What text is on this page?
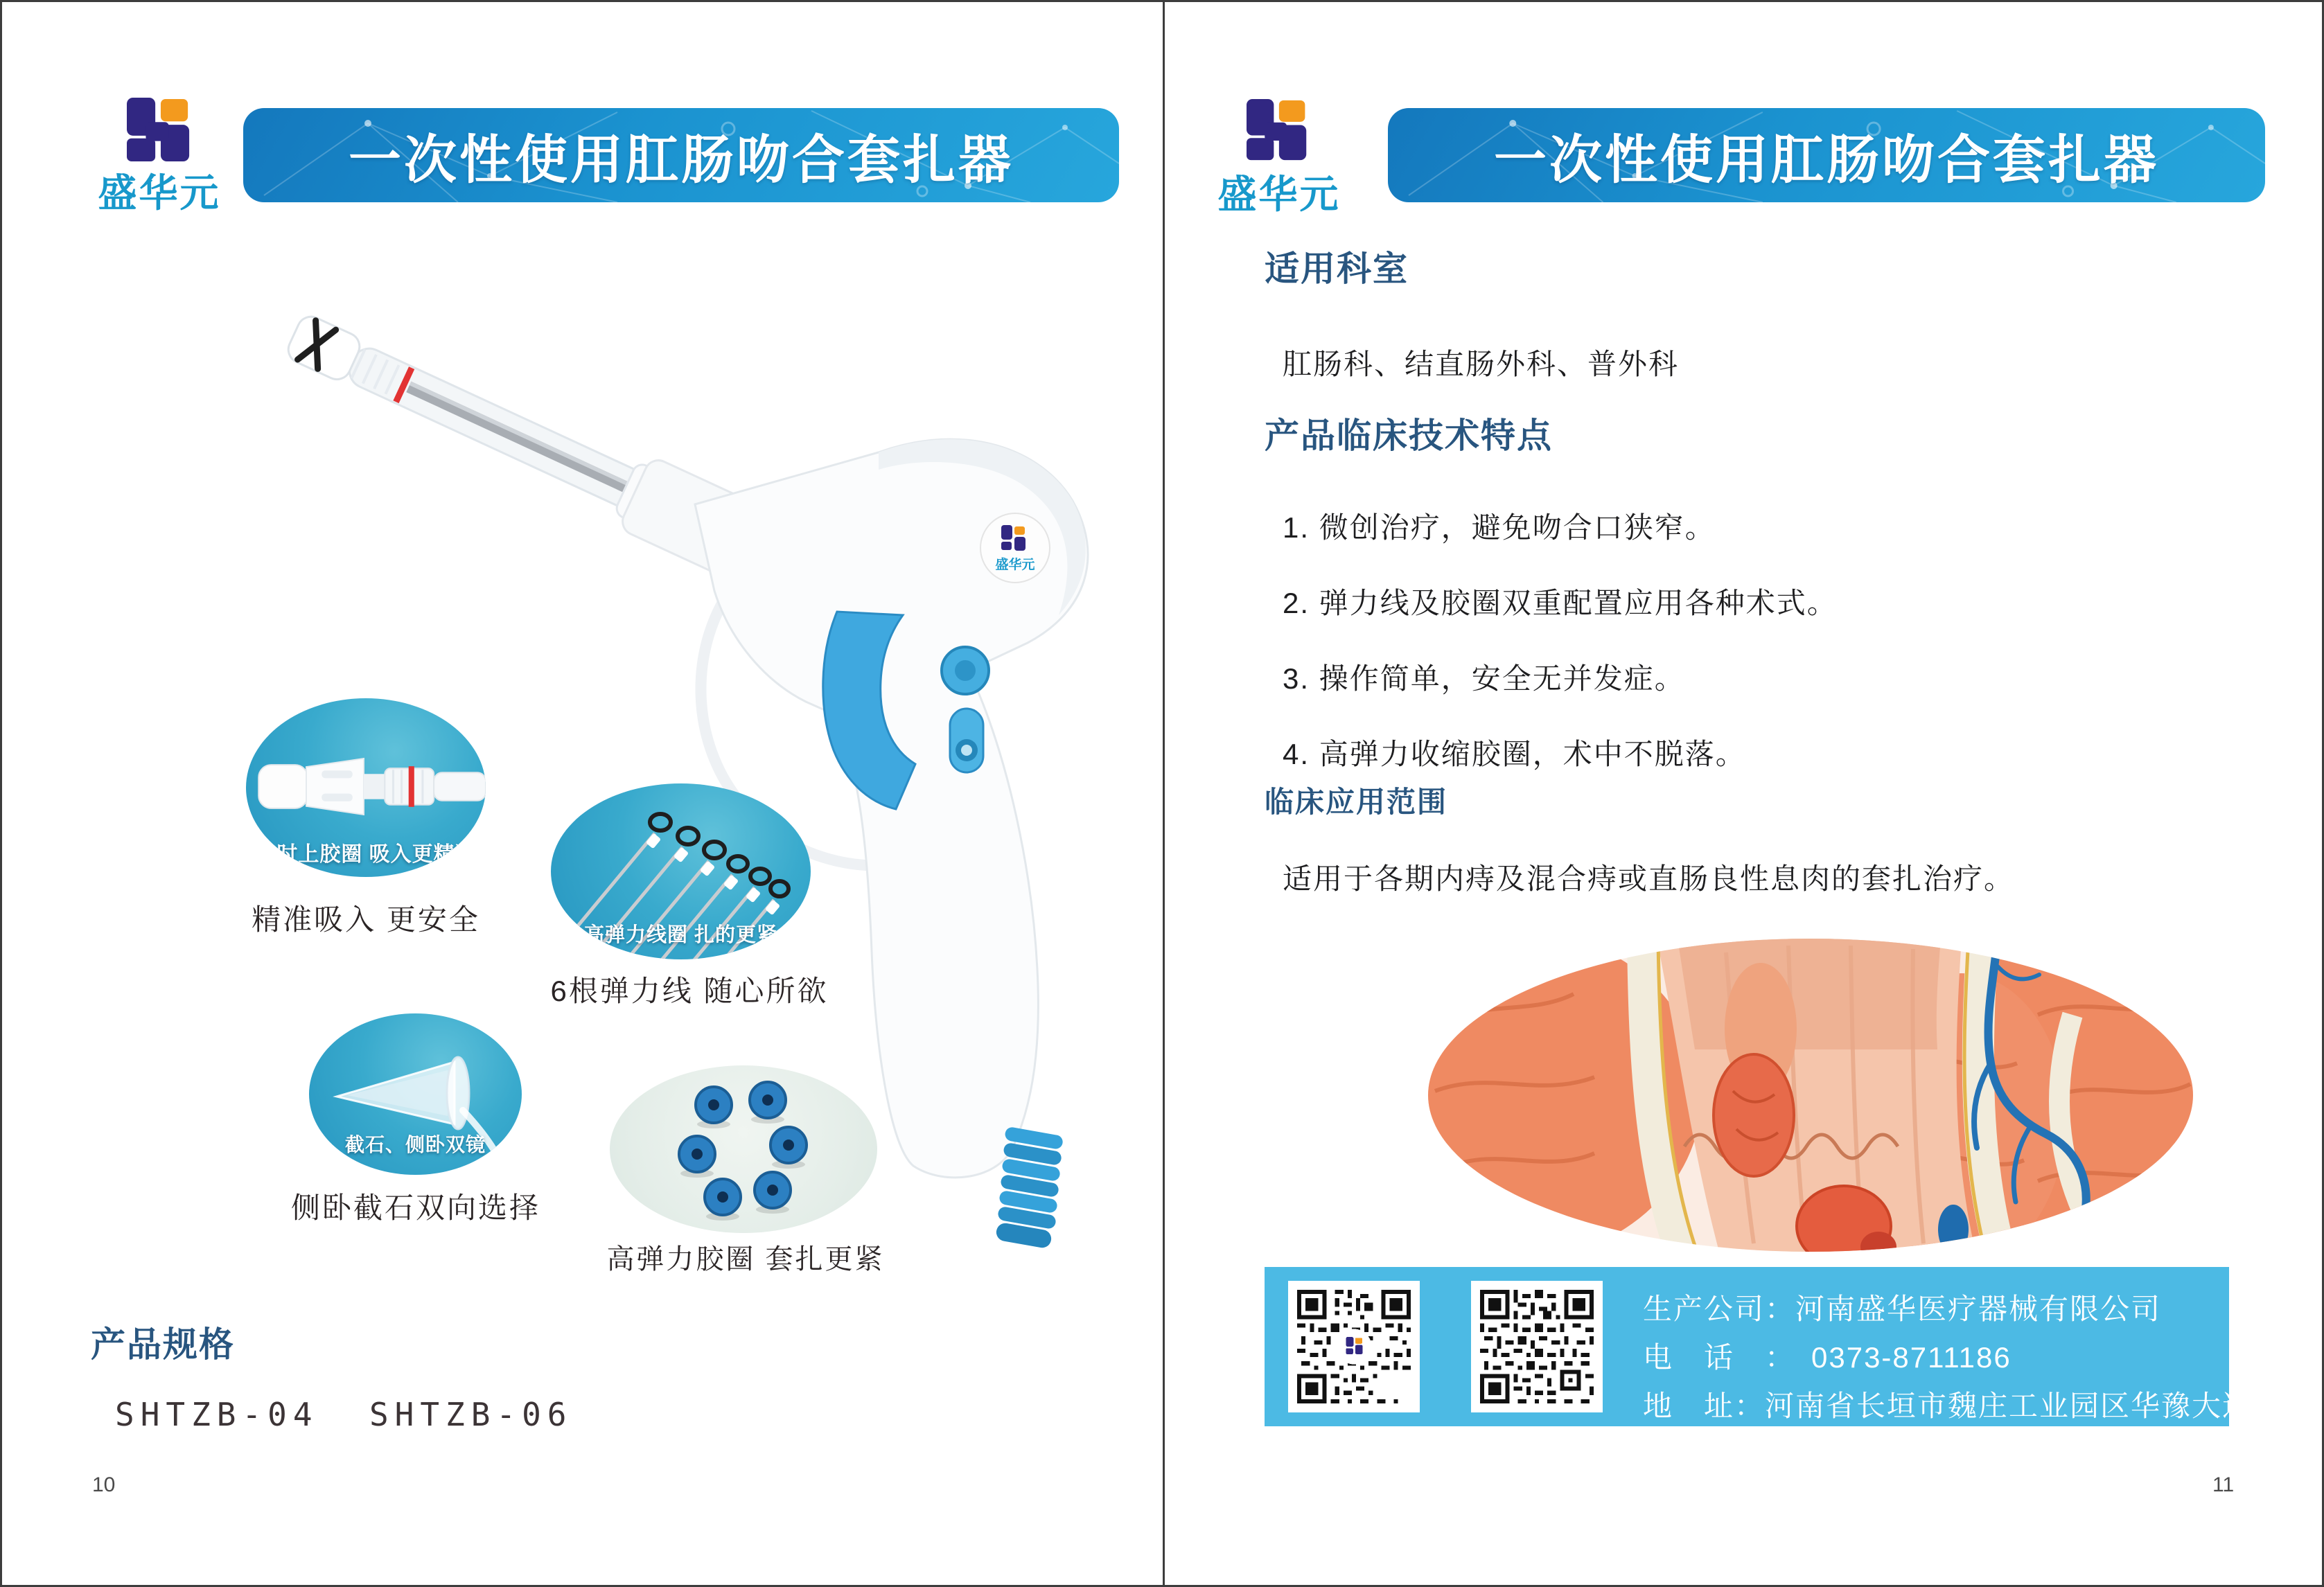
盛华元
一次性使用肛肠吻合套扎器
盛华元
及时上胶圈 吸入更精准
精准吸入 更安全	高弹力线圈 扎的更紧
6根弹力线 随心所欲
截石、侧卧双镜
侧卧截石双向选择
高弹力胶圈 套扎更紧
产品规格
SHTZB-04  SHTZB-06
10
盛华元
一次性使用肛肠吻合套扎器
适用科室
肛肠科、结直肠外科、普外科
产品临床技术特点
1. 微创治疗，避免吻合口狭窄。
2. 弹力线及胶圈双重配置应用各种术式。
3. 操作简单，安全无并发症。
4. 高弹力收缩胶圈，术中不脱落。
临床应用范围
适用于各期内痔及混合痔或直肠良性息肉的套扎治疗。
生产公司：河南盛华医疗器械有限公司
电　话　：　0373-8711186
地　址：河南省长垣市魏庄工业园区华豫大道西侧
11
